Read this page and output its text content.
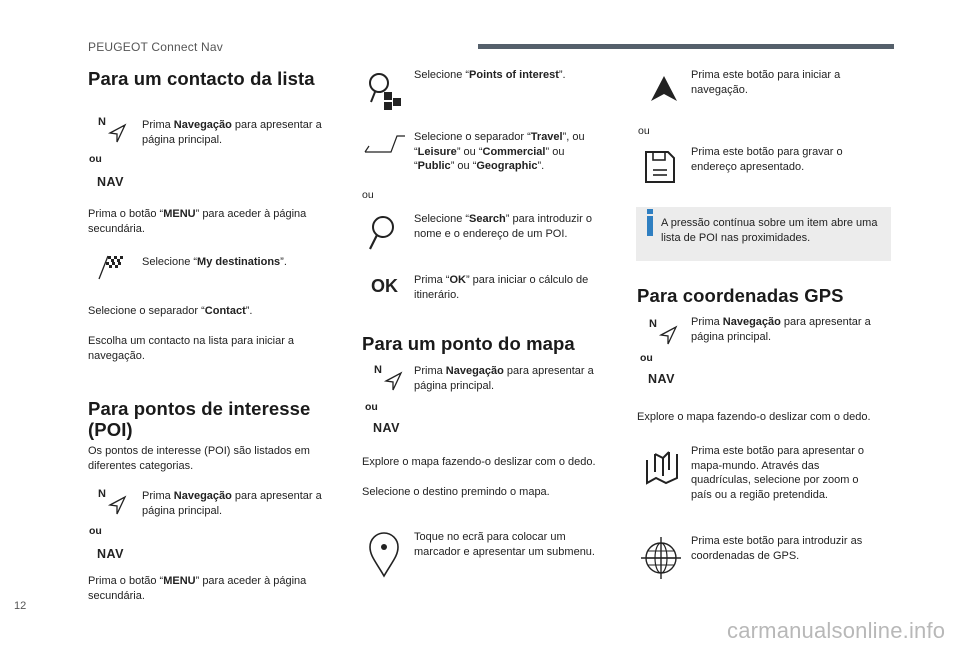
PEUGEOT Connect Nav
Para um contacto da lista
N
ou
NAV
Prima Navegação para apresentar a página principal.
Prima o botão “MENU” para aceder à página secundária.
Selecione “My destinations”.
Selecione o separador “Contact”.
Escolha um contacto na lista para iniciar a navegação.
Para pontos de interesse
(POI)
Os pontos de interesse (POI) são listados em diferentes categorias.
N
ou
NAV
Prima Navegação para apresentar a página principal.
Prima o botão “MENU” para aceder à página secundária.
Selecione “Points of interest”.
Selecione o separador “Travel”, ou “Leisure” ou “Commercial” ou “Public” ou “Geographic”.
ou
Selecione “Search” para introduzir o nome e o endereço de um POI.
OK Prima “OK” para iniciar o cálculo de itinerário.
Para um ponto do mapa
N
ou
NAV
Prima Navegação para apresentar a página principal.
Explore o mapa fazendo-o deslizar com o dedo.
Selecione o destino premindo o mapa.
Toque no ecrã para colocar um marcador e apresentar um submenu.
Prima este botão para iniciar a navegação.
ou
Prima este botão para gravar o endereço apresentado.
A pressão contínua sobre um item abre uma lista de POI nas proximidades.
Para coordenadas GPS
N
ou
NAV
Prima Navegação para apresentar a página principal.
Explore o mapa fazendo-o deslizar com o dedo.
Prima este botão para apresentar o mapa-mundo. Através das quadrículas, selecione por zoom o país ou a região pretendida.
Prima este botão para introduzir as coordenadas de GPS.
12
carmanualsonline.info
